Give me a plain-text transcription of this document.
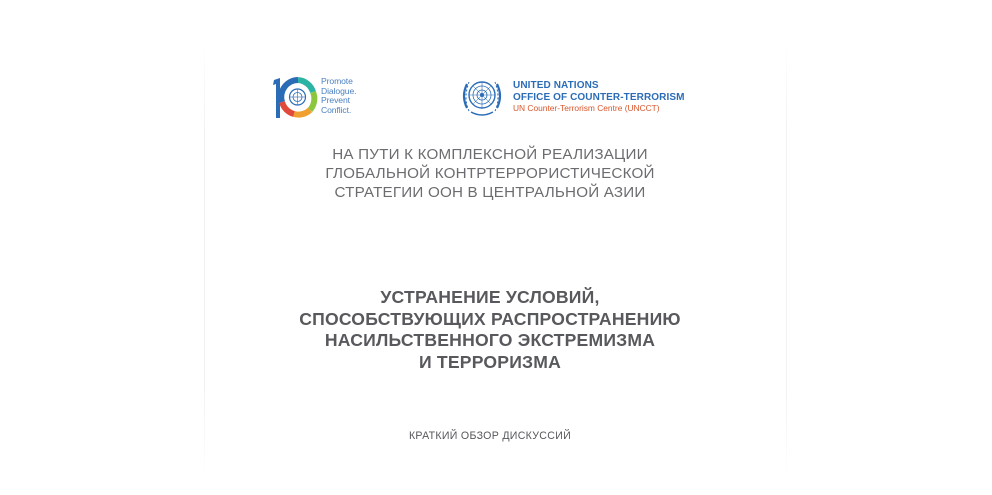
Promote
Dialogue.
Prevent
Conflict.
UNITED NATIONS
OFFICE OF COUNTER-TERRORISM
UN Counter-Terrorism Centre (UNCCT)
НА ПУТИ К КОМПЛЕКСНОЙ РЕАЛИЗАЦИИ
ГЛОБАЛЬНОЙ КОНТРТЕРРОРИСТИЧЕСКОЙ
СТРАТЕГИИ ООН В ЦЕНТРАЛЬНОЙ АЗИИ
УСТРАНЕНИЕ УСЛОВИЙ,
СПОСОБСТВУЮЩИХ РАСПРОСТРАНЕНИЮ
НАСИЛЬСТВЕННОГО ЭКСТРЕМИЗМА
И ТЕРРОРИЗМА
КРАТКИЙ ОБЗОР ДИСКУССИЙ
